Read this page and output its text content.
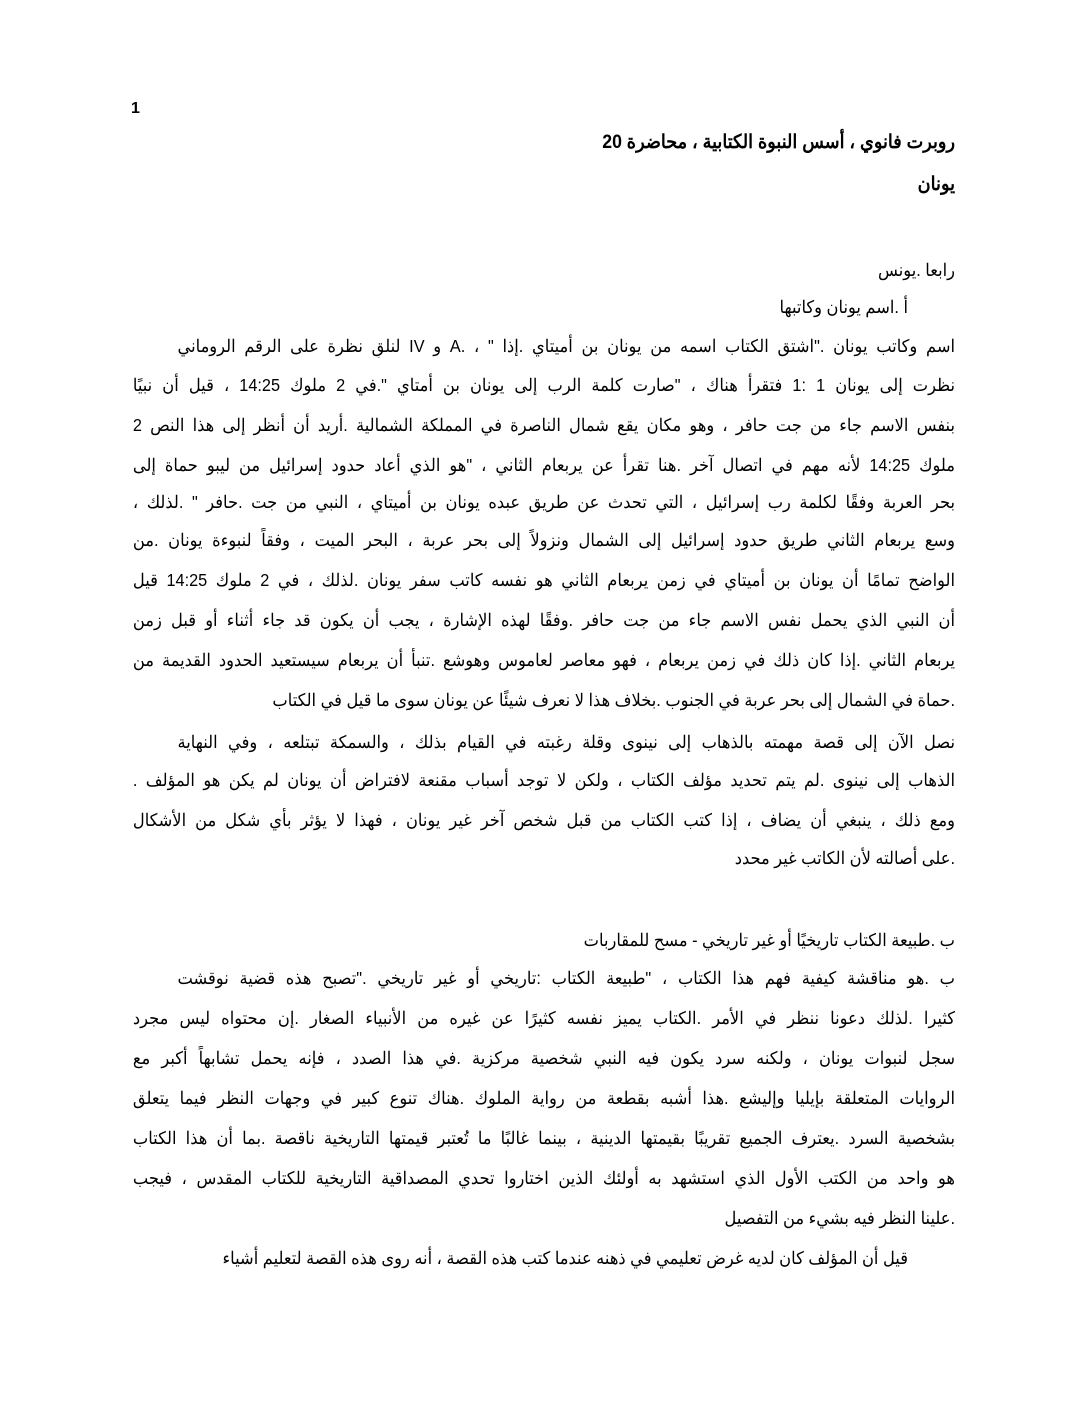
1
روبرت فانوي ، أسس النبوة الكتابية ، محاضرة 20
يونان
رابعا .يونس
أ .اسم يونان وكاتبها
اسم وكاتب يونان ."اشتق الكتاب اسمه من يونان بن أميتاي .إذا " ، .A و IV لنلقِ نظرة على الرقم الروماني
نظرت إلى يونان 1 :1 فتقرأ هناك ، "صارت كلمة الرب إلى يونان بن أمتاي ".في 2 ملوك 14:25 ، قيل أن نبيًا
بنفس الاسم جاء من جت حافر ، وهو مكان يقع شمال الناصرة في المملكة الشمالية .أريد أن أنظر إلى هذا النص 2
ملوك 14:25 لأنه مهم في اتصال آخر .هنا تقرأ عن يربعام الثاني ، "هو الذي أعاد حدود إسرائيل من ليبو حماة إلى
بحر العربة وفقًا لكلمة رب إسرائيل ، التي تحدث عن طريق عبده يونان بن أميتاي ، النبي من جت .حافر " .لذلك ،
وسع يربعام الثاني طريق حدود إسرائيل إلى الشمال ونزولاً إلى بحر عربة ، البحر الميت ، وفقاً لنبوءة يونان .من
الواضح تمامًا أن يونان بن أميتاي في زمن يربعام الثاني هو نفسه كاتب سفر يونان .لذلك ، في 2 ملوك 14:25 قيل
أن النبي الذي يحمل نفس الاسم جاء من جت حافر .وفقًا لهذه الإشارة ، يجب أن يكون قد جاء أثناء أو قبل زمن
يربعام الثاني .إذا كان ذلك في زمن يربعام ، فهو معاصر لعاموس وهوشع .تنبأ أن يربعام سيستعيد الحدود القديمة من
.حماة في الشمال إلى بحر عربة في الجنوب .بخلاف هذا لا نعرف شيئًا عن يونان سوى ما قيل في الكتاب
نصل الآن إلى قصة مهمته بالذهاب إلى نينوى وقلة رغبته في القيام بذلك ، والسمكة تبتلعه ، وفي النهاية
الذهاب إلى نينوى .لم يتم تحديد مؤلف الكتاب ، ولكن لا توجد أسباب مقنعة لافتراض أن يونان لم يكن هو المؤلف .
ومع ذلك ، ينبغي أن يضاف ، إذا كتب الكتاب من قبل شخص آخر غير يونان ، فهذا لا يؤثر بأي شكل من الأشكال
.على أصالته لأن الكاتب غير محدد
ب .طبيعة الكتاب تاريخيًا أو غير تاريخي - مسح للمقاربات
ب .هو مناقشة كيفية فهم هذا الكتاب ، "طبيعة الكتاب :تاريخي أو غير تاريخي ."تصبح هذه قضية نوقشت
كثيرا .لذلك دعونا ننظر في الأمر .الكتاب يميز نفسه كثيرًا عن غيره من الأنبياء الصغار .إن محتواه ليس مجرد
سجل لنبوات يونان ، ولكنه سرد يكون فيه النبي شخصية مركزية .في هذا الصدد ، فإنه يحمل تشابهاً أكبر مع
الروايات المتعلقة بإيليا وإليشع .هذا أشبه بقطعة من رواية الملوك .هناك تنوع كبير في وجهات النظر فيما يتعلق
بشخصية السرد .يعترف الجميع تقريبًا بقيمتها الدينية ، بينما غالبًا ما تُعتبر قيمتها التاريخية ناقصة .بما أن هذا الكتاب
هو واحد من الكتب الأول الذي استشهد به أولئك الذين اختاروا تحدي المصداقية التاريخية للكتاب المقدس ، فيجب
.علينا النظر فيه بشيء من التفصيل
قيل أن المؤلف كان لديه غرض تعليمي في ذهنه عندما كتب هذه القصة ، أنه روى هذه القصة لتعليم أشياء
